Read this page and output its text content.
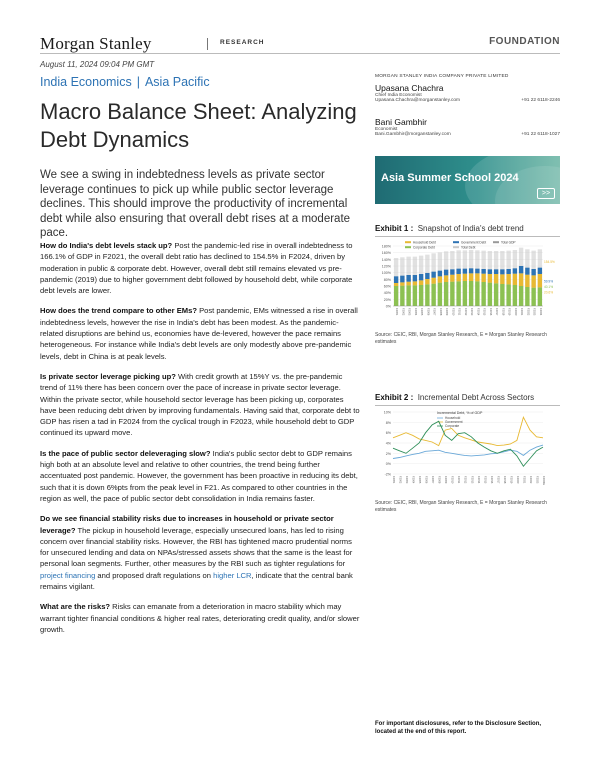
Morgan Stanley	RESEARCH	FOUNDATION
August 11, 2024 09:04 PM GMT
India Economics | Asia Pacific
Macro Balance Sheet: Analyzing Debt Dynamics
We see a swing in indebtedness levels as private sector leverage continues to pick up while public sector leverage declines. This should improve the productivity of incremental debt while also ensuring that overall debt rises at a moderate pace.

How do India's debt levels stack up? Post the pandemic-led rise in overall indebtedness to 166.1% of GDP in F2021, the overall debt ratio has declined to 154.5% in F2024, driven by moderation in public & corporate debt. However, overall debt still remains elevated vs pre-pandemic (2019) due to higher government debt followed by household debt, while corporate debt levels are lower.

How does the trend compare to other EMs? Post pandemic, EMs witnessed a rise in overall indebtedness levels, however the rise in India's debt has been modest. As the pandemic-related disruptions are behind us, economies have de-levered, however the pace remains heterogeneous. For instance while India's debt levels are only modestly above pre-pandemic levels, debt in China is at peak levels.

Is private sector leverage picking up? With credit growth at 15%Y vs. the pre-pandemic trend of 11% there has been concern over the pace of increase in private sector leverage. Within the private sector, while household sector leverage has been picking up, corporates have been reducing debt driven by improving fundamentals. Having said that, corporate debt to GDP has risen a tad in F2024 from the cyclical trough in F2023, while household debt to GDP continued its upward move.

Is the pace of public sector deleveraging slow? India's public sector debt to GDP remains high both at an absolute level and relative to other countries, the trend being further accentuated post pandemic. However, the government has been proactive in reducing its debt, such that it is down 6%pts from the peak level in F21. As compared to other countries in the region as well, the pace of public sector debt consolidation in India remains faster.

Do we see financial stability risks due to increases in household or private sector leverage? The pickup in household leverage, especially unsecured loans, has led to rising concern over financial stability risks. However, the RBI has tightened macro prudential norms for unsecured lending and data on NPAs/stressed assets shows that the same is the least for personal loan segments. Further, other measures by the RBI such as tighter regulations for project financing and proposed draft regulations on higher LCR, indicate that the central bank remains vigilant.

What are the risks? Risks can emanate from a deterioration in macro stability which may warrant tighter financial conditions & higher real rates, deteriorating credit quality, and/or slower growth.

MORGAN STANLEY INDIA COMPANY PRIVATE LIMITED
Upasana Chachra
Chief India Economist
Upasana.Chachra@morganstanley.com	+91 22 6118-2246
Bani Gambhir
Economist
Bani.Gambhir@morganstanley.com	+91 22 6118-1027
Asia Summer School 2024
>>
Exhibit 1 : Snapshot of India's debt trend
180%
160%
140%
120%
100%
80%
60%
40%
20%
0%
Household Debt	Government Debt
Corporate Debt	Total Debt
Total GDP
F2001	F2002	F2003	F2004	F2005	F2006	F2007	F2008	F2009	F2010	F2011	F2012	F2013	F2014	F2015	F2016	F2017	F2018	F2019	F2020	F2021	F2022	F2023	F2024
154.5%
59.9%
40.1%
20.6%
Source: CEIC, RBI, Morgan Stanley Research, E = Morgan Stanley Research estimates
Exhibit 2 : Incremental Debt Across Sectors
10%
8%
6%
4%
2%
0%
-2%
Incremental Debt, % of GDP
Household
Government
Corporate
F2001	F2002	F2003	F2004	F2005	F2006	F2007	F2008	F2009	F2010	F2011	F2012	F2013	F2014	F2015	F2016	F2017	F2018	F2019	F2020	F2021	F2022	F2023	F2024E
Source: CEIC, RBI, Morgan Stanley Research, E = Morgan Stanley Research estimates
For important disclosures, refer to the Disclosure Section, located at the end of this report.
